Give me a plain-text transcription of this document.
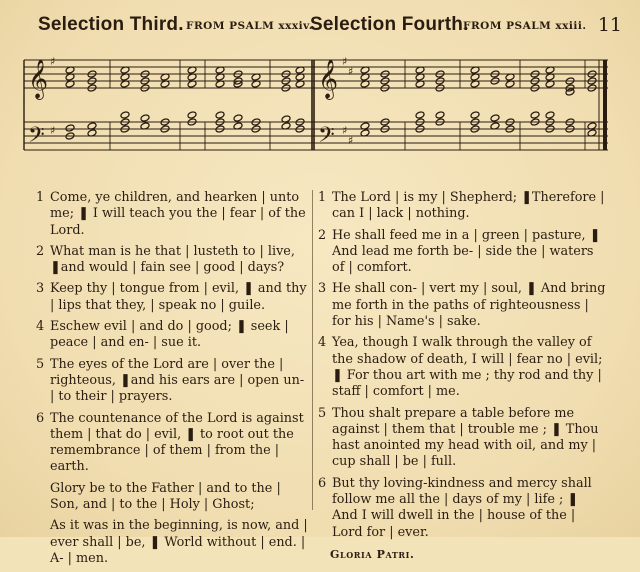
Selection Third. FROM PSALM xxxiv.
Selection Fourth.
FROM PSALM xxiii. 11
𝄞
𝄢
𝄞
𝄢
♯
♯
♯
♯
♯
♯
1 Come, ye children, and hearken | unto me; ❚ I will teach you the | fear | of the Lord.
2 What man is he that | lusteth to | live, ❚and would | fain see | good | days?
3 Keep thy | tongue from | evil, ❚ and thy | lips that they, | speak no | guile.
4 Eschew evil | and do | good; ❚ seek | peace | and en- | sue it.
5 The eyes of the Lord are | over the | righteous, ❚and his ears are | open un- | to their | prayers.
6 The countenance of the Lord is against them | that do | evil, ❚ to root out the remembrance | of them | from the | earth.
Glory be to the Father | and to the | Son, and | to the | Holy | Ghost;
As it was in the beginning, is now, and | ever shall | be, ❚ World without | end. | A- | men.
1 The Lord | is my | Shepherd; ❚Therefore | can I | lack | nothing.
2 He shall feed me in a | green | pasture, ❚ And lead me forth be- | side the | waters of | comfort.
3 He shall con- | vert my | soul, ❚ And bring me forth in the paths of righteousness | for his | Name's | sake.
4 Yea, though I walk through the valley of the shadow of death, I will | fear no | evil; ❚ For thou art with me ; thy rod and thy | staff | comfort | me.
5 Thou shalt prepare a table before me against | them that | trouble me ; ❚ Thou hast anointed my head with oil, and my | cup shall | be | full.
6 But thy loving-kindness and mercy shall follow me all the | days of my | life ; ❚ And I will dwell in the | house of the | Lord for | ever.
Gloria Patri.
